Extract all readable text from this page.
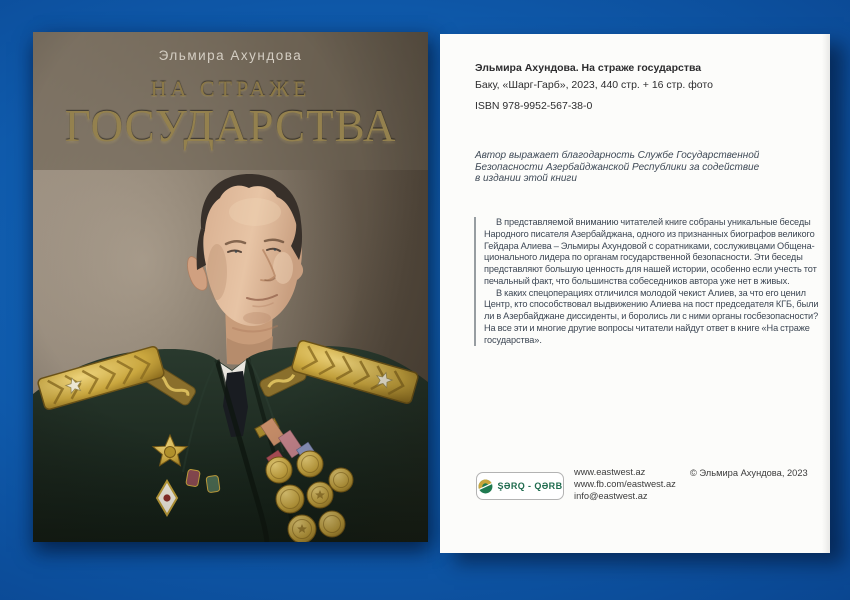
Эльмира Ахундова
НА СТРАЖЕ
ГОСУДАРСТВА
Эльмира Ахундова. На страже государства
Баку, «Шарг-Гарб», 2023, 440 стр. + 16 стр. фото
ISBN 978-9952-567-38-0
Автор выражает благодарность Службе Государственной
Безопасности Азербайджанской Республики за содействие
в издании этой книги
В представляемой вниманию читателей книге собраны уникальные беседы
Народного писателя Азербайджана, одного из признанных биографов великого
Гейдара Алиева – Эльмиры Ахундовой с соратниками, сослуживцами Общена-
ционального лидера по органам государственной безопасности. Эти беседы
представляют большую ценность для нашей истории, особенно если учесть тот
печальный факт, что большинства собеседников автора уже нет в живых.
В каких спецоперациях отличился молодой чекист Алиев, за что его ценил
Центр, кто способствовал выдвижению Алиева на пост председателя КГБ, были
ли в Азербайджане диссиденты, и боролись ли с ними органы госбезопасности?
На все эти и многие другие вопросы читатели найдут ответ в книге «На страже
государства».
ŞƏRQ - QƏRB
www.eastwest.az
www.fb.com/eastwest.az
info@eastwest.az
© Эльмира Ахундова, 2023
